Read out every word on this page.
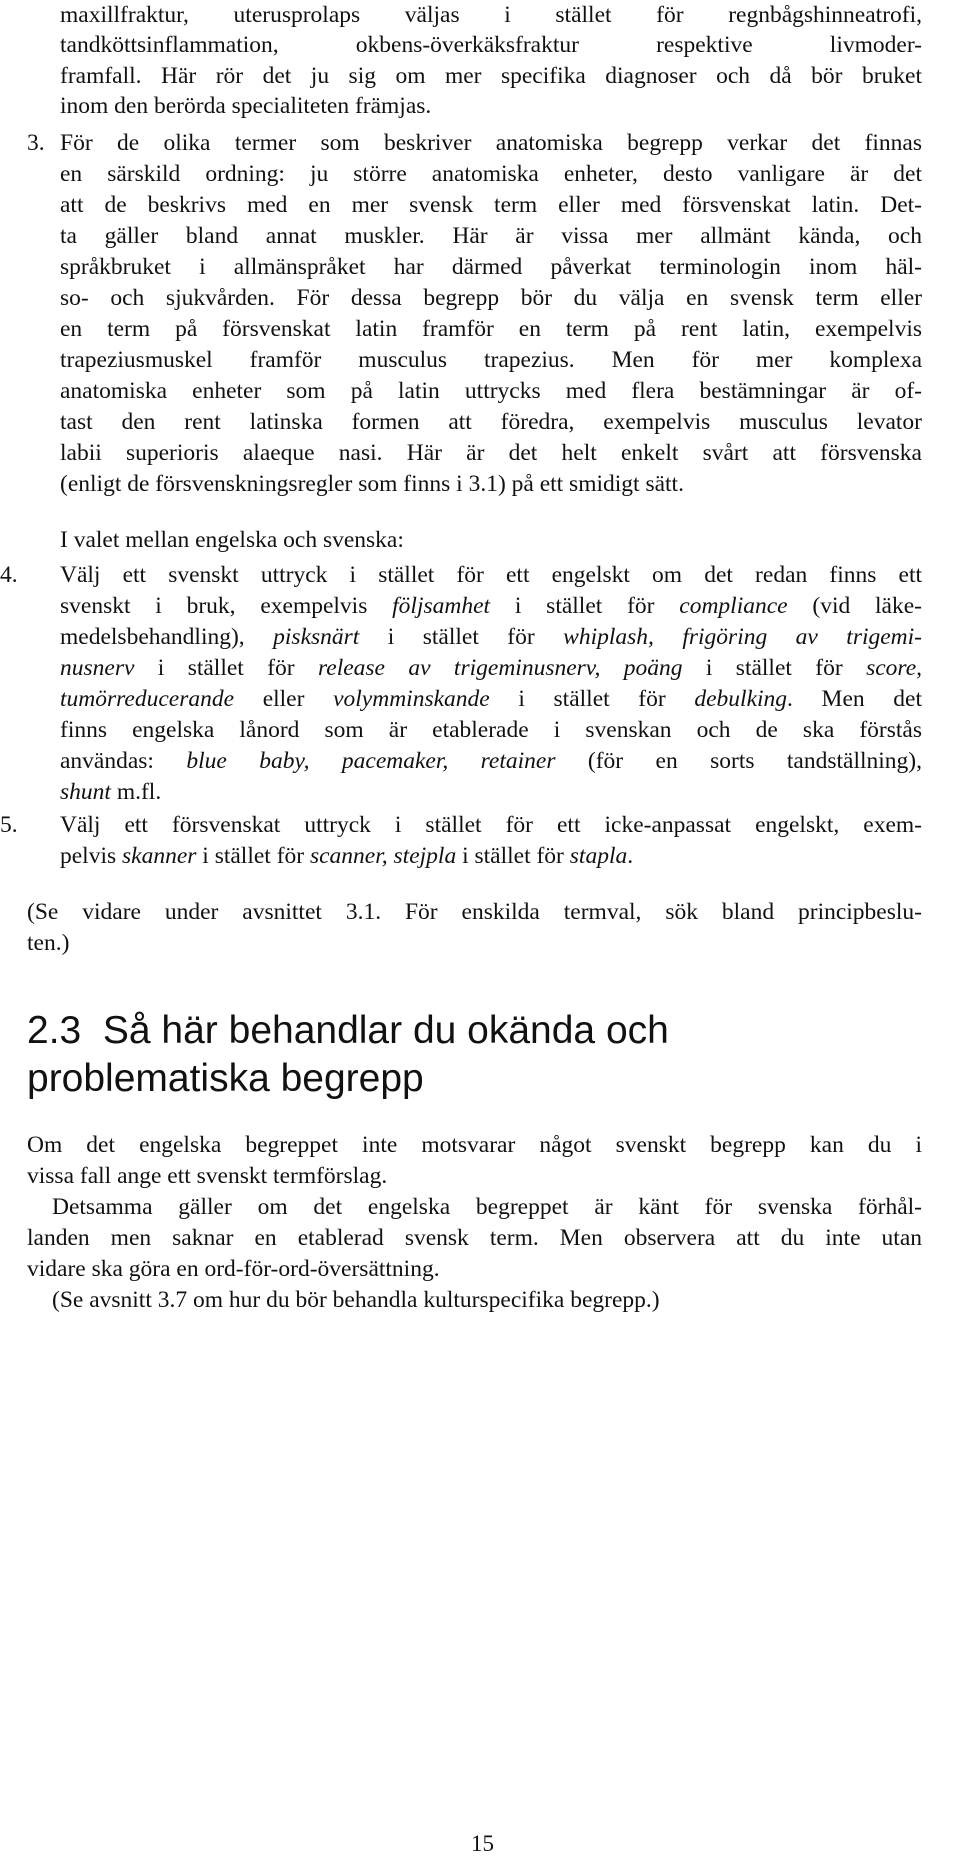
maxillfraktur, uterusprolaps väljas i stället för regnbågshinneatrofi,
tandköttsinflammation, okbens-överkäksfraktur respektive livmoder-
framfall. Här rör det ju sig om mer specifika diagnoser och då bör bruket
inom den berörda specialiteten främjas.
3. För de olika termer som beskriver anatomiska begrepp verkar det finnas
en särskild ordning: ju större anatomiska enheter, desto vanligare är det
att de beskrivs med en mer svensk term eller med försvenskat latin. Det-
ta gäller bland annat muskler. Här är vissa mer allmänt kända, och
språkbruket i allmänspråket har därmed påverkat terminologin inom häl-
so- och sjukvården. För dessa begrepp bör du välja en svensk term eller
en term på försvenskat latin framför en term på rent latin, exempelvis
trapeziusmuskel framför musculus trapezius. Men för mer komplexa
anatomiska enheter som på latin uttrycks med flera bestämningar är of-
tast den rent latinska formen att föredra, exempelvis musculus levator
labii superioris alaeque nasi. Här är det helt enkelt svårt att försvenska
(enligt de försvenskningsregler som finns i 3.1) på ett smidigt sätt.
I valet mellan engelska och svenska:
4. Välj ett svenskt uttryck i stället för ett engelskt om det redan finns ett
svenskt i bruk, exempelvis följsamhet i stället för compliance (vid läke-
medelsbehandling), pisksnärt i stället för whiplash, frigöring av trigemi-
nusnerv i stället för release av trigeminusnerv, poäng i stället för score,
tumörreducerande eller volymminskande i stället för debulking. Men det
finns engelska lånord som är etablerade i svenskan och de ska förstås
användas: blue baby, pacemaker, retainer (för en sorts tandställning),
shunt m.fl.
5. Välj ett försvenskat uttryck i stället för ett icke-anpassat engelskt, exem-
pelvis skanner i stället för scanner, stejpla i stället för stapla.
(Se vidare under avsnittet 3.1. För enskilda termval, sök bland principbeslu-
ten.)
2.3  Så här behandlar du okända och
problematiska begrepp
Om det engelska begreppet inte motsvarar något svenskt begrepp kan du i
vissa fall ange ett svenskt termförslag.
Detsamma gäller om det engelska begreppet är känt för svenska förhål-
landen men saknar en etablerad svensk term. Men observera att du inte utan
vidare ska göra en ord-för-ord-översättning.
(Se avsnitt 3.7 om hur du bör behandla kulturspecifika begrepp.)
15
